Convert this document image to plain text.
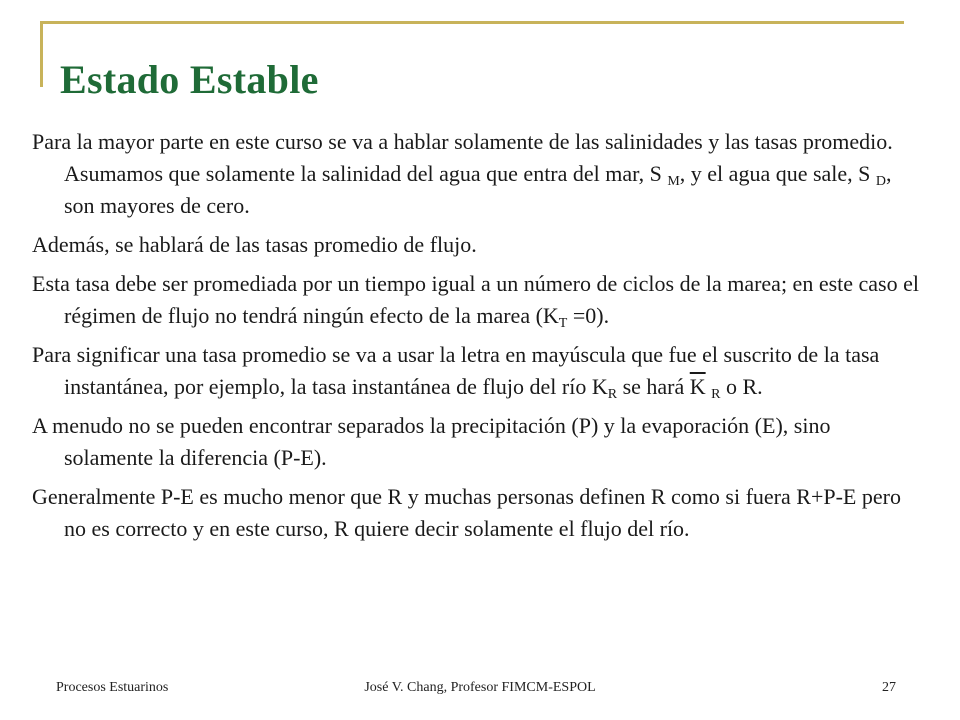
Estado Estable

Para la mayor parte en este curso se va a hablar solamente de las salinidades y las tasas promedio. Asumamos que solamente la salinidad del agua que entra del mar, S $_M$, y el agua que sale, S $_D$, son mayores de cero.

Además, se hablará de las tasas promedio de flujo.

Esta tasa debe ser promediada por un tiempo igual a un número de ciclos de la marea; en este caso el régimen de flujo no tendrá ningún efecto de la marea $(K_T =0)$.

Para significar una tasa promedio se va a usar la letra en mayúscula que fue el suscrito de la tasa instantánea, por ejemplo, la tasa instantánea de flujo del río $K_R$ se hará $\overline{K}$ $_R$ o R.

A menudo no se pueden encontrar separados la precipitación (P) y la evaporación (E), sino solamente la diferencia (P-E).

Generalmente P-E es mucho menor que R y muchas personas definen R como si fuera R+P-E pero no es correcto y en este curso, R quiere decir solamente el flujo del río.

Procesos Estuarinos	José V. Chang, Profesor FIMCM-ESPOL	27
